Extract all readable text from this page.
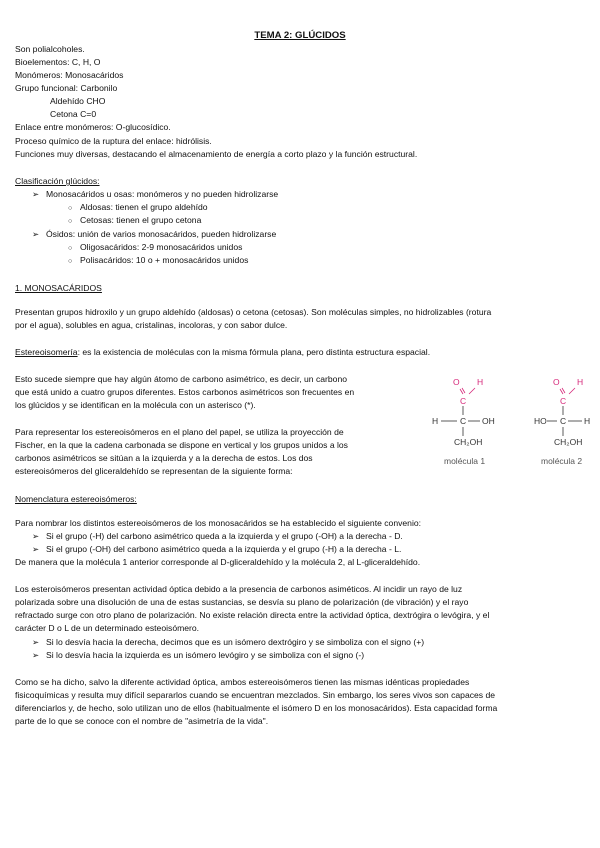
TEMA 2: GLÚCIDOS
Son polialcoholes.
Bioelementos: C, H, O
Monómeros: Monosacáridos
Grupo funcional: Carbonilo
Aldehído CHO
Cetona C=0
Enlace entre monómeros: O-glucosídico.
Proceso químico de la ruptura del enlace: hidrólisis.
Funciones muy diversas, destacando el almacenamiento de energía a corto plazo y la función estructural.
Clasificación glúcidos:
➢ Monosacáridos u osas: monómeros y no pueden hidrolizarse
○ Aldosas: tienen el grupo aldehído
○ Cetosas: tienen el grupo cetona
➢ Ósidos: unión de varios monosacáridos, pueden hidrolizarse
○ Oligosacáridos: 2-9 monosacáridos unidos
○ Polisacáridos: 10 o + monosacáridos unidos
1. MONOSACÁRIDOS
Presentan grupos hidroxilo y un grupo aldehído (aldosas) o cetona (cetosas). Son moléculas simples, no hidrolizables (rotura
por el agua), solubles en agua, cristalinas, incoloras, y con sabor dulce.
Estereoisomería: es la existencia de moléculas con la misma fórmula plana, pero distinta estructura espacial.
Esto sucede siempre que hay algún átomo de carbono asimétrico, es decir, un carbono
que está unido a cuatro grupos diferentes. Estos carbonos asimétricos son frecuentes en
los glúcidos y se identifican en la molécula con un asterisco (*).
Para representar los estereoisómeros en el plano del papel, se utiliza la proyección de
Fischer, en la que la cadena carbonada se dispone en vertical y los grupos unidos a los
carbonos asimétricos se sitúan a la izquierda y a la derecha de estos. Los dos
estereoisómeros del gliceraldehído se representan de la siguiente forma:
O H
C
H	C OH
CH₂OH
molécula 1
O H
C
HO C H
CH₂OH
molécula 2
Nomenclatura estereoisómeros:
Para nombrar los distintos estereoisómeros de los monosacáridos se ha establecido el siguiente convenio:
➢ Si el grupo (-H) del carbono asimétrico queda a la izquierda y el grupo (-OH) a la derecha - D.
➢ Si el grupo (-OH) del carbono asimétrico queda a la izquierda y el grupo (-H) a la derecha - L.
De manera que la molécula 1 anterior corresponde al D-gliceraldehído y la molécula 2, al L-gliceraldehído.
Los esteroisómeros presentan actividad óptica debido a la presencia de carbonos asiméticos. Al incidir un rayo de luz
polarizada sobre una disolución de una de estas sustancias, se desvía su plano de polarización (de vibración) y el rayo
refractado surge con otro plano de polarización. No existe relación directa entre la actividad óptica, dextrógira o levógira, y el
carácter D o L de un determinado esteoisómero.
➢ Si lo desvía hacia la derecha, decimos que es un isómero dextrógiro y se simboliza con el signo (+)
➢ Si lo desvía hacia la izquierda es un isómero levógiro y se simboliza con el signo (-)
Como se ha dicho, salvo la diferente actividad óptica, ambos estereoisómeros tienen las mismas idénticas propiedades
fisicoquímicas y resulta muy difícil separarlos cuando se encuentran mezclados. Sin embargo, los seres vivos son capaces de
diferenciarlos y, de hecho, solo utilizan uno de ellos (habitualmente el isómero D en los monosacáridos). Esta capacidad forma
parte de lo que se conoce con el nombre de "asimetría de la vida".
